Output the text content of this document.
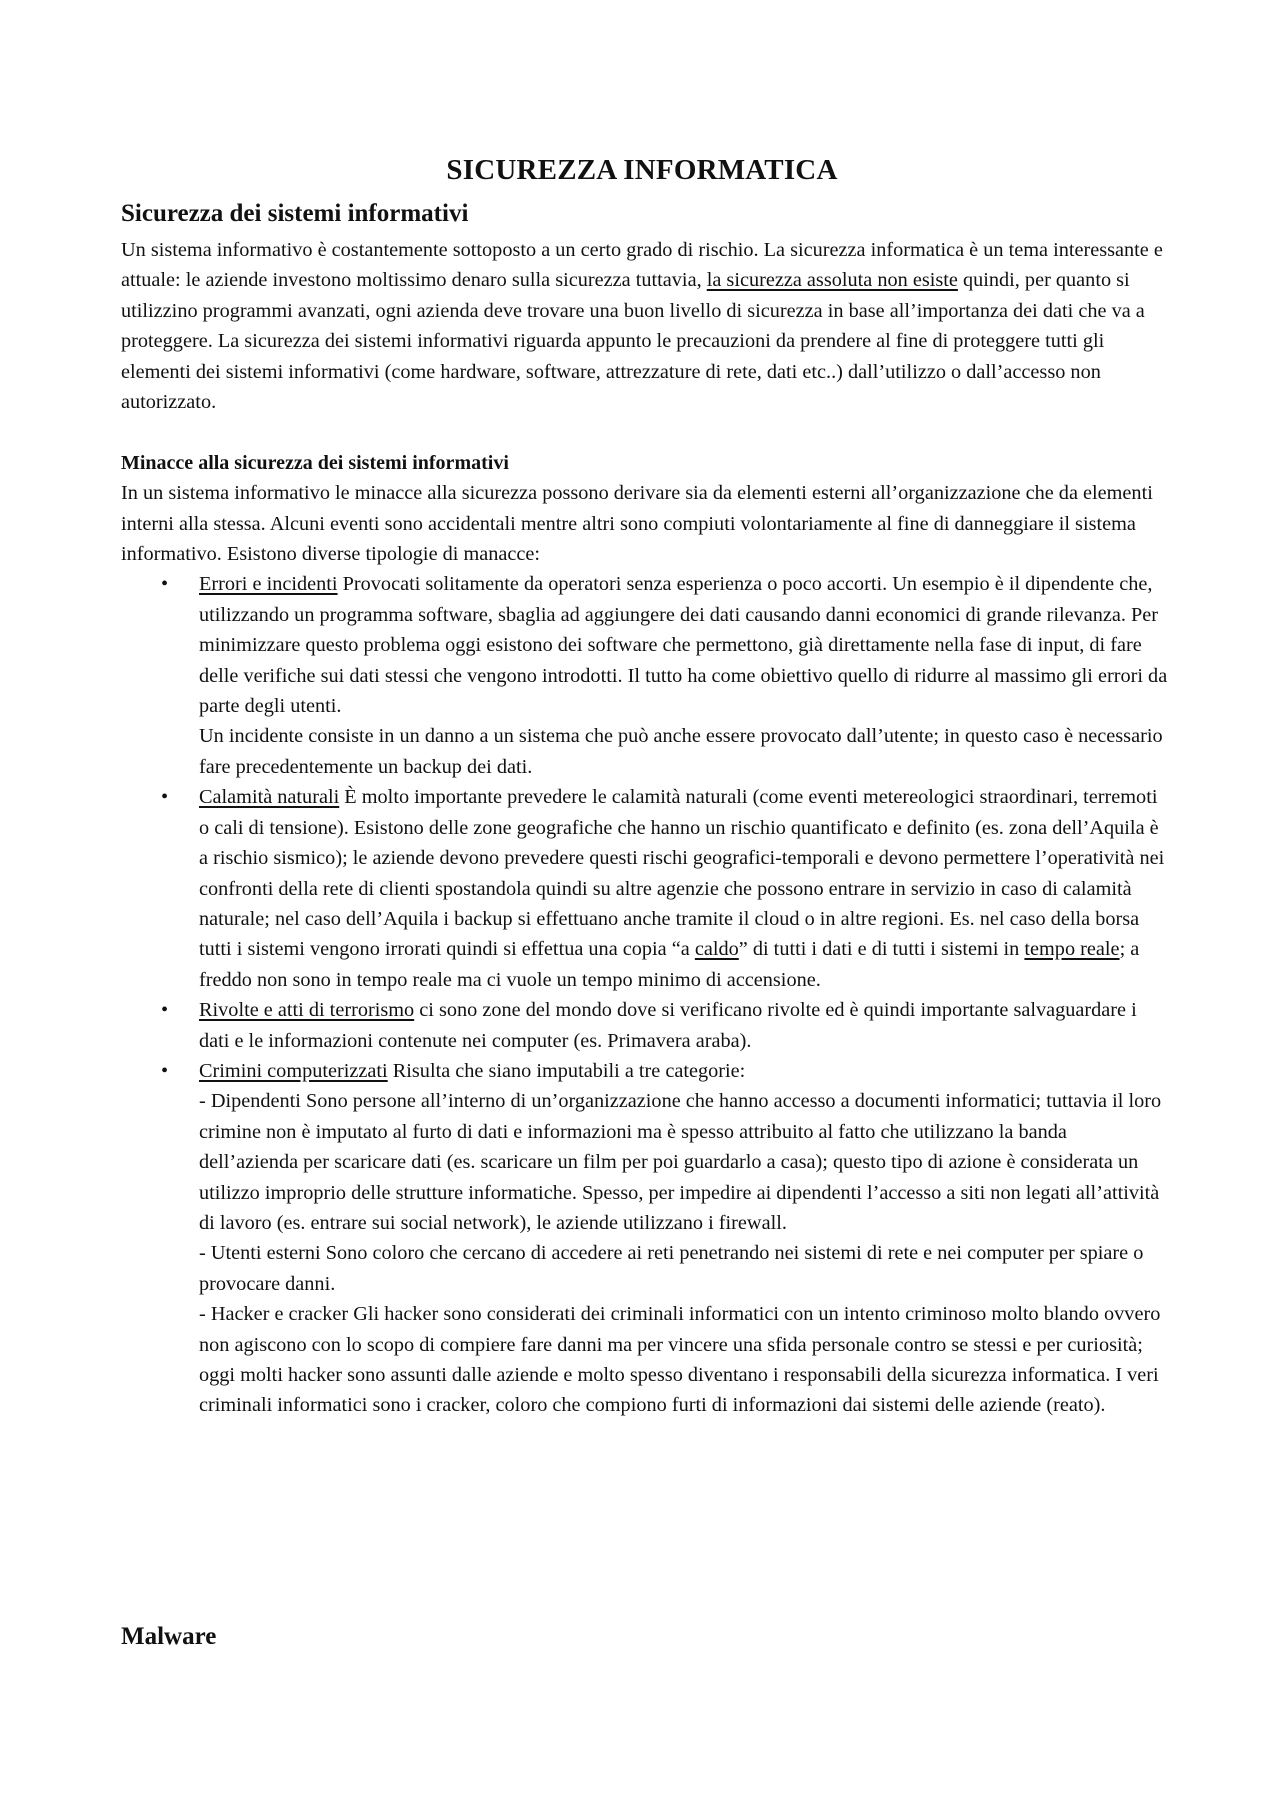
SICUREZZA INFORMATICA
Sicurezza dei sistemi informativi

Un sistema informativo è costantemente sottoposto a un certo grado di rischio. La sicurezza informatica è un tema interessante e attuale: le aziende investono moltissimo denaro sulla sicurezza tuttavia, la sicurezza assoluta non esiste quindi, per quanto si utilizzino programmi avanzati, ogni azienda deve trovare una buon livello di sicurezza in base all’importanza dei dati che va a proteggere. La sicurezza dei sistemi informativi riguarda appunto le precauzioni da prendere al fine di proteggere tutti gli elementi dei sistemi informativi (come hardware, software, attrezzature di rete, dati etc..) dall’utilizzo o dall’accesso non autorizzato.

Minacce alla sicurezza dei sistemi informativi

In un sistema informativo le minacce alla sicurezza possono derivare sia da elementi esterni all’organizzazione che da elementi interni alla stessa. Alcuni eventi sono accidentali mentre altri sono compiuti volontariamente al fine di danneggiare il sistema informativo. Esistono diverse tipologie di manacce:

• Errori e incidenti Provocati solitamente da operatori senza esperienza o poco accorti. Un esempio è il dipendente che, utilizzando un programma software, sbaglia ad aggiungere dei dati causando danni economici di grande rilevanza. Per minimizzare questo problema oggi esistono dei software che permettono, già direttamente nella fase di input, di fare delle verifiche sui dati stessi che vengono introdotti. Il tutto ha come obiettivo quello di ridurre al massimo gli errori da parte degli utenti.
Un incidente consiste in un danno a un sistema che può anche essere provocato dall’utente; in questo caso è necessario fare precedentemente un backup dei dati.
• Calamità naturali È molto importante prevedere le calamità naturali (come eventi metereologici straordinari, terremoti o cali di tensione). Esistono delle zone geografiche che hanno un rischio quantificato e definito (es. zona dell’Aquila è a rischio sismico); le aziende devono prevedere questi rischi geografici-temporali e devono permettere l’operatività nei confronti della rete di clienti spostandola quindi su altre agenzie che possono entrare in servizio in caso di calamità naturale; nel caso dell’Aquila i backup si effettuano anche tramite il cloud o in altre regioni. Es. nel caso della borsa tutti i sistemi vengono irrorati quindi si effettua una copia “a caldo” di tutti i dati e di tutti i sistemi in tempo reale; a freddo non sono in tempo reale ma ci vuole un tempo minimo di accensione.
• Rivolte e atti di terrorismo ci sono zone del mondo dove si verificano rivolte ed è quindi importante salvaguardare i dati e le informazioni contenute nei computer (es. Primavera araba).
• Crimini computerizzati Risulta che siano imputabili a tre categorie:
- Dipendenti Sono persone all’interno di un’organizzazione che hanno accesso a documenti informatici; tuttavia il loro crimine non è imputato al furto di dati e informazioni ma è spesso attribuito al fatto che utilizzano la banda dell’azienda per scaricare dati (es. scaricare un film per poi guardarlo a casa); questo tipo di azione è considerata un utilizzo improprio delle strutture informatiche. Spesso, per impedire ai dipendenti l’accesso a siti non legati all’attività di lavoro (es. entrare sui social network), le aziende utilizzano i firewall.
- Utenti esterni Sono coloro che cercano di accedere ai reti penetrando nei sistemi di rete e nei computer per spiare o provocare danni.
- Hacker e cracker Gli hacker sono considerati dei criminali informatici con un intento criminoso molto blando ovvero non agiscono con lo scopo di compiere fare danni ma per vincere una sfida personale contro se stessi e per curiosità; oggi molti hacker sono assunti dalle aziende e molto spesso diventano i responsabili della sicurezza informatica. I veri criminali informatici sono i cracker, coloro che compiono furti di informazioni dai sistemi delle aziende (reato).
Malware
